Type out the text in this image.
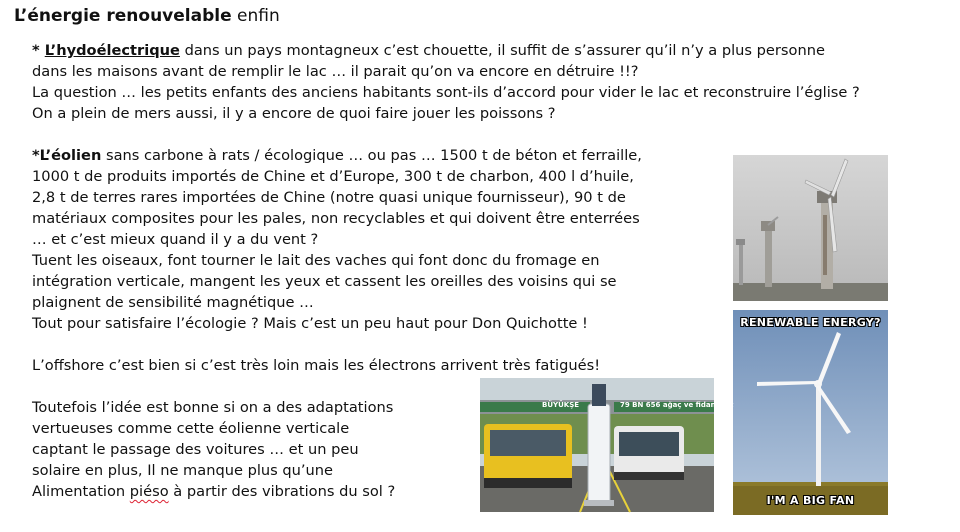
L’énergie renouvelable enfin
* L’hydoélectrique dans un pays montagneux c’est chouette, il suffit de s’assurer qu’il n’y a plus personne
dans les maisons avant de remplir le lac … il parait qu’on va encore en détruire !!?
La question … les petits enfants des anciens habitants sont-ils d’accord pour vider le lac et reconstruire l’église ?
On a plein de mers aussi, il y a encore de quoi faire jouer les poissons ?
*L’éolien sans carbone à rats / écologique … ou pas … 1500 t de béton et ferraille,
1000 t de produits importés de Chine et d’Europe, 300 t de charbon, 400 l d’huile,
2,8 t de terres rares importées de Chine (notre quasi unique fournisseur), 90 t de
matériaux composites pour les pales, non recyclables et qui doivent être enterrées
… et c’est mieux quand il y a du vent ?
Tuent les oiseaux, font tourner le lait des vaches qui font donc du fromage en
intégration verticale, mangent les yeux et cassent les oreilles des voisins qui se
plaignent de sensibilité magnétique …
Tout pour satisfaire l’écologie ? Mais c’est un peu haut pour Don Quichotte !
L’offshore c’est bien si c’est très loin mais les électrons arrivent très fatigués!
Toutefois l’idée est bonne si on a des adaptations
vertueuses comme cette éolienne verticale
captant le passage des voitures … et un peu
solaire en plus, Il ne manque plus qu’une
Alimentation piéso à partir des vibrations du sol ?
RENEWABLE ENERGY?
I'M A BIG FAN
BÜYÜKŞE	79 BN 656 ağaç ve fidan dikt
